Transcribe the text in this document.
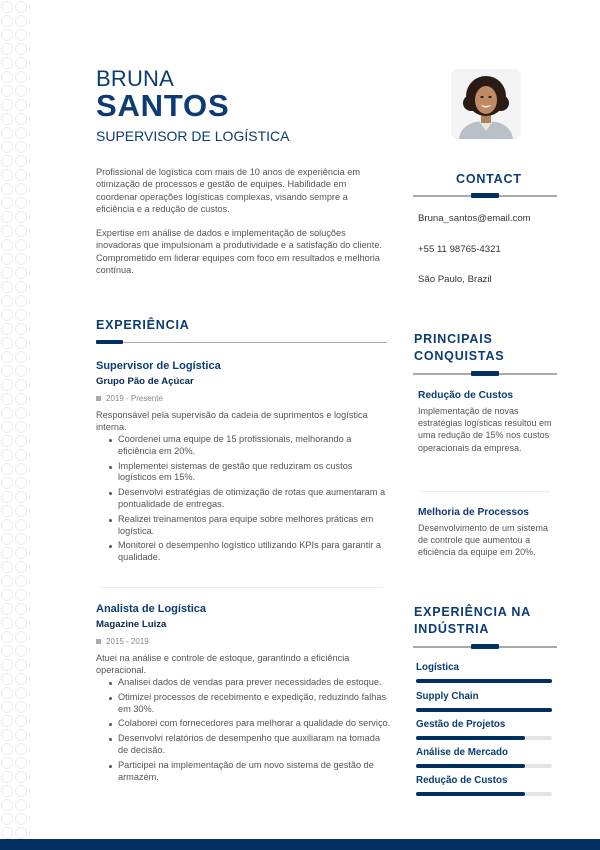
BRUNA
SANTOS
SUPERVISOR DE LOGÍSTICA

Profissional de logística com mais de 10 anos de experiência em otimização de processos e gestão de equipes. Habilidade em coordenar operações logísticas complexas, visando sempre a eficiência e a redução de custos.

Expertise em análise de dados e implementação de soluções inovadoras que impulsionam a produtividade e a satisfação do cliente. Comprometido em liderar equipes com foco em resultados e melhoria contínua.

CONTACT
Bruna_santos@email.com
+55 11 98765-4321
São Paulo, Brazil
EXPERIÊNCIA
Supervisor de Logística
Grupo Pão de Açúcar
2019 - Presente

Responsável pela supervisão da cadeia de suprimentos e logística interna.

Coordenei uma equipe de 15 profissionais, melhorando a eficiência em 20%.
Implementei sistemas de gestão que reduziram os custos logísticos em 15%.
Desenvolvi estratégias de otimização de rotas que aumentaram a pontualidade de entregas.
Realizei treinamentos para equipe sobre melhores práticas em logística.
Monitorei o desempenho logístico utilizando KPIs para garantir a qualidade.
Analista de Logística
Magazine Luiza
2015 - 2019

Atuei na análise e controle de estoque, garantindo a eficiência operacional.

Analisei dados de vendas para prever necessidades de estoque.
Otimizei processos de recebimento e expedição, reduzindo falhas em 30%.
Colaborei com fornecedores para melhorar a qualidade do serviço.
Desenvolvi relatórios de desempenho que auxiliaram na tomada de decisão.
Participei na implementação de um novo sistema de gestão de armazém.
PRINCIPAIS CONQUISTAS
Redução de Custos
Implementação de novas estratégias logísticas resultou em uma redução de 15% nos custos operacionais da empresa.
Melhoria de Processos
Desenvolvimento de um sistema de controle que aumentou a eficiência da equipe em 20%.
EXPERIÊNCIA NA INDÚSTRIA
Logística
Supply Chain
Gestão de Projetos
Análise de Mercado
Redução de Custos
